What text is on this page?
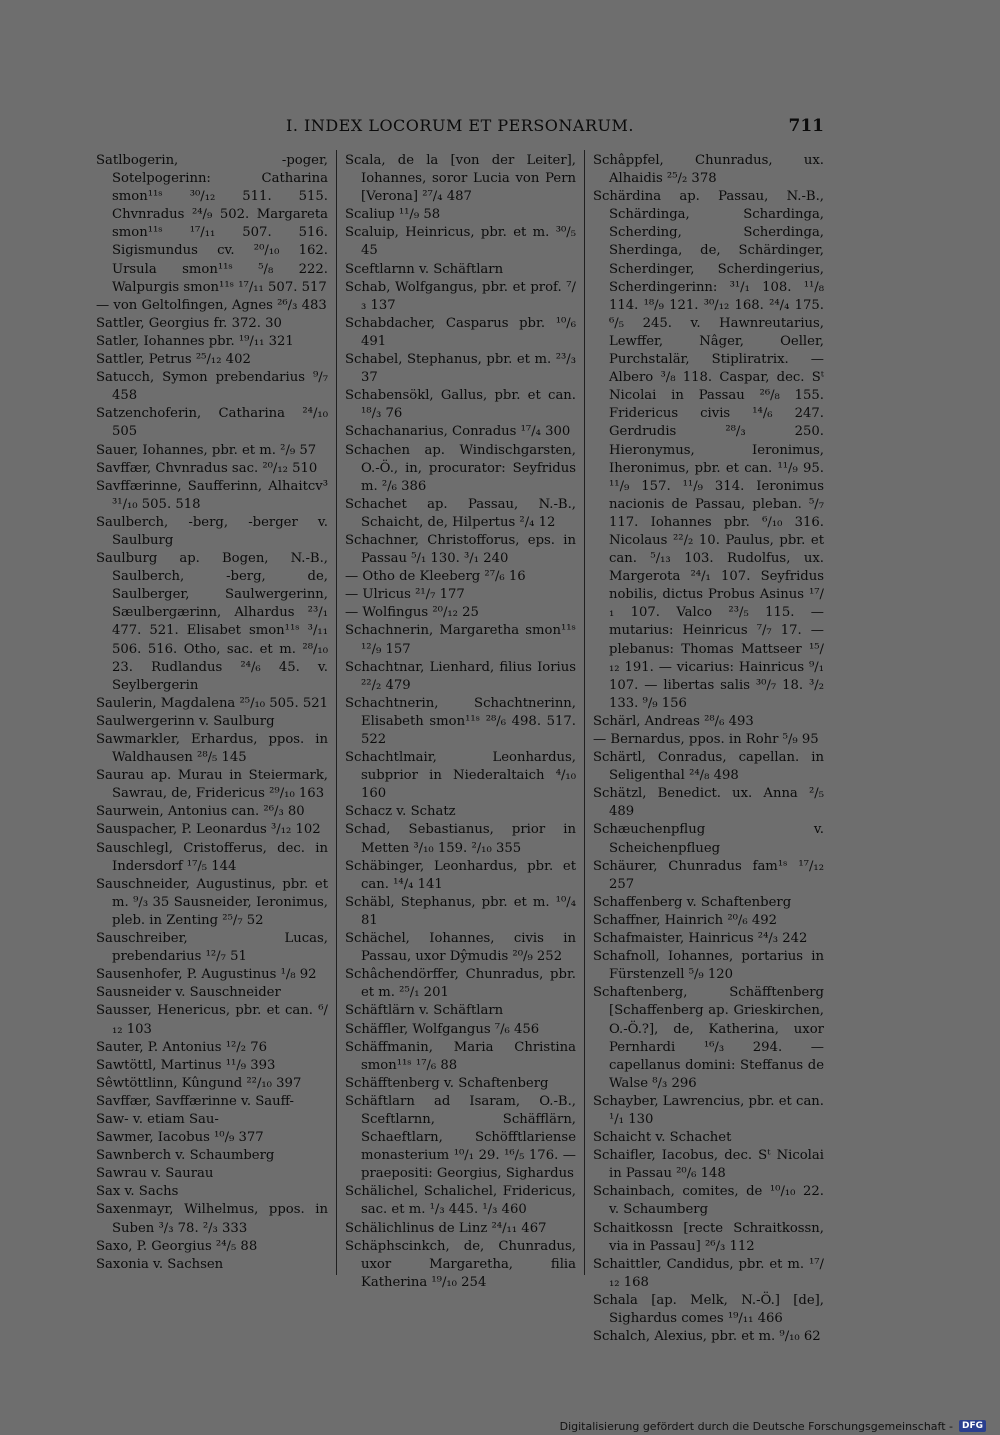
I. INDEX LOCORUM ET PERSONARUM.	711

Satlbogerin, -poger, Sotelpogerinn: Catharina smon¹¹ˢ ³⁰/₁₂ 511. 515. Chvnradus ²⁴/₉ 502. Margareta smon¹¹ˢ ¹⁷/₁₁ 507. 516. Sigismundus cv. ²⁰/₁₀ 162. Ursula smon¹¹ˢ ⁵/₈ 222. Walpurgis smon¹¹ˢ ¹⁷/₁₁ 507. 517

— von Geltolfingen, Agnes ²⁶/₃ 483

Sattler, Georgius fr. 372. 30

Satler, Iohannes pbr. ¹⁹/₁₁ 321

Sattler, Petrus ²⁵/₁₂ 402

Satucch, Symon prebendarius ⁹/₇ 458

Satzenchoferin, Catharina ²⁴/₁₀ 505

Sauer, Iohannes, pbr. et m. ²/₉ 57

Savffær, Chvnradus sac. ²⁰/₁₂ 510

Savffærinne, Saufferinn, Alhaitcv³ ³¹/₁₀ 505. 518

Saulberch, -berg, -berger v. Saulburg

Saulburg ap. Bogen, N.-B., Saulberch, -berg, de, Saulberger, Saulwergerinn, Sæulbergærinn, Alhardus ²³/₁ 477. 521. Elisabet smon¹¹ˢ ³/₁₁ 506. 516. Otho, sac. et m. ²⁸/₁₀ 23. Rudlandus ²⁴/₆ 45. v. Seylbergerin

Saulerin, Magdalena ²⁵/₁₀ 505. 521

Saulwergerinn v. Saulburg

Sawmarkler, Erhardus, ppos. in Waldhausen ²⁸/₅ 145

Saurau ap. Murau in Steiermark, Sawrau, de, Fridericus ²⁹/₁₀ 163

Saurwein, Antonius can. ²⁶/₃ 80

Sauspacher, P. Leonardus ³/₁₂ 102

Sauschlegl, Cristofferus, dec. in Indersdorf ¹⁷/₅ 144

Sauschneider, Augustinus, pbr. et m. ⁹/₃ 35 Sausneider, Ieronimus, pleb. in Zenting ²⁵/₇ 52

Sauschreiber, Lucas, prebendarius ¹²/₇ 51

Sausenhofer, P. Augustinus ¹/₈ 92

Sausneider v. Sauschneider

Sausser, Henericus, pbr. et can. ⁶/₁₂ 103

Sauter, P. Antonius ¹²/₂ 76

Sawtöttl, Martinus ¹¹/₉ 393

Sêwtöttlinn, Kûngund ²²/₁₀ 397

Savffær, Savffærinne v. Sauff-

Saw- v. etiam Sau-

Sawmer, Iacobus ¹⁰/₉ 377

Sawnberch v. Schaumberg

Sawrau v. Saurau

Sax v. Sachs

Saxenmayr, Wilhelmus, ppos. in Suben ³/₃ 78. ²/₃ 333

Saxo, P. Georgius ²⁴/₅ 88

Saxonia v. Sachsen

Scala, de la [von der Leiter], Iohannes, soror Lucia von Pern [Verona] ²⁷/₄ 487

Scaliup ¹¹/₉ 58

Scaluip, Heinricus, pbr. et m. ³⁰/₅ 45

Sceftlarnn v. Schäftlarn

Schab, Wolfgangus, pbr. et prof. ⁷/₃ 137

Schabdacher, Casparus pbr. ¹⁰/₆ 491

Schabel, Stephanus, pbr. et m. ²³/₃ 37

Schabensökl, Gallus, pbr. et can. ¹⁸/₃ 76

Schachanarius, Conradus ¹⁷/₄ 300

Schachen ap. Windischgarsten, O.-Ö., in, procurator: Seyfridus m. ²/₆ 386

Schachet ap. Passau, N.-B., Schaicht, de, Hilpertus ²/₄ 12

Schachner, Christofforus, eps. in Passau ⁵/₁ 130. ³/₁ 240

— Otho de Kleeberg ²⁷/₆ 16

— Ulricus ²¹/₇ 177

— Wolfingus ²⁰/₁₂ 25

Schachnerin, Margaretha smon¹¹ˢ ¹²/₉ 157

Schachtnar, Lienhard, filius Iorius ²²/₂ 479

Schachtnerin, Schachtnerinn, Elisabeth smon¹¹ˢ ²⁸/₆ 498. 517. 522

Schachtlmair, Leonhardus, subprior in Niederaltaich ⁴/₁₀ 160

Schacz v. Schatz

Schad, Sebastianus, prior in Metten ³/₁₀ 159. ²/₁₀ 355

Schäbinger, Leonhardus, pbr. et can. ¹⁴/₄ 141

Schäbl, Stephanus, pbr. et m. ¹⁰/₄ 81

Schächel, Iohannes, civis in Passau, uxor Dŷmudis ²⁰/₉ 252

Schâchendörffer, Chunradus, pbr. et m. ²⁵/₁ 201

Schäftlärn v. Schäftlarn

Schäffler, Wolfgangus ⁷/₆ 456

Schäffmanin, Maria Christina smon¹¹ˢ ¹⁷/₆ 88

Schäfftenberg v. Schaftenberg

Schäftlarn ad Isaram, O.-B., Sceftlarnn, Schäfflärn, Schaeftlarn, Schöfftlariense monasterium ¹⁰/₁ 29. ¹⁶/₅ 176. — praepositi: Georgius, Sighardus

Schälichel, Schalichel, Fridericus, sac. et m. ¹/₃ 445. ¹/₃ 460

Schälichlinus de Linz ²⁴/₁₁ 467

Schäphscinkch, de, Chunradus, uxor Margaretha, filia Katherina ¹⁹/₁₀ 254

Schâppfel, Chunradus, ux. Alhaidis ²⁵/₂ 378

Schärdina ap. Passau, N.-B., Schärdinga, Schardinga, Scherding, Scherdinga, Sherdinga, de, Schärdinger, Scherdinger, Scherdingerius, Scherdingerinn: ³¹/₁ 108. ¹¹/₈ 114. ¹⁸/₉ 121. ³⁰/₁₂ 168. ²⁴/₄ 175. ⁶/₅ 245. v. Hawnreutarius, Lewffer, Nâger, Oeller, Purchstalär, Stipliratrix. — Albero ³/₈ 118. Caspar, dec. Sᵗ Nicolai in Passau ²⁶/₈ 155. Fridericus civis ¹⁴/₆ 247. Gerdrudis ²⁸/₃ 250. Hieronymus, Ieronimus, Iheronimus, pbr. et can. ¹¹/₉ 95. ¹¹/₉ 157. ¹¹/₉ 314. Ieronimus nacionis de Passau, pleban. ⁵/₇ 117. Iohannes pbr. ⁶/₁₀ 316. Nicolaus ²²/₂ 10. Paulus, pbr. et can. ⁵/₁₃ 103. Rudolfus, ux. Margerota ²⁴/₁ 107. Seyfridus nobilis, dictus Probus Asinus ¹⁷/₁ 107. Valco ²³/₅ 115. — mutarius: Heinricus ⁷/₇ 17. — plebanus: Thomas Mattseer ¹⁵/₁₂ 191. — vicarius: Hainricus ⁹/₁ 107. — libertas salis ³⁰/₇ 18. ³/₂ 133. ⁹/₉ 156

Schärl, Andreas ²⁸/₆ 493

— Bernardus, ppos. in Rohr ⁵/₉ 95

Schärtl, Conradus, capellan. in Seligenthal ²⁴/₈ 498

Schätzl, Benedict. ux. Anna ²/₅ 489

Schæuchenpflug v. Scheichenpflueg

Schäurer, Chunradus fam¹ˢ ¹⁷/₁₂ 257

Schaffenberg v. Schaftenberg

Schaffner, Hainrich ²⁰/₆ 492

Schafmaister, Hainricus ²⁴/₃ 242

Schafnoll, Iohannes, portarius in Fürstenzell ⁵/₉ 120

Schaftenberg, Schäfftenberg [Schaffenberg ap. Grieskirchen, O.-Ö.?], de, Katherina, uxor Pernhardi ¹⁶/₃ 294. — capellanus domini: Steffanus de Walse ⁸/₃ 296

Schayber, Lawrencius, pbr. et can. ¹/₁ 130

Schaicht v. Schachet

Schaifler, Iacobus, dec. Sᵗ Nicolai in Passau ²⁰/₆ 148

Schainbach, comites, de ¹⁰/₁₀ 22. v. Schaumberg

Schaitkossn [recte Schraitkossn, via in Passau] ²⁶/₃ 112

Schaittler, Candidus, pbr. et m. ¹⁷/₁₂ 168

Schala [ap. Melk, N.-Ö.] [de], Sighardus comes ¹⁹/₁₁ 466

Schalch, Alexius, pbr. et m. ⁹/₁₀ 62

Digitalisierung gefördert durch die Deutsche Forschungsgemeinschaft -	DFG
